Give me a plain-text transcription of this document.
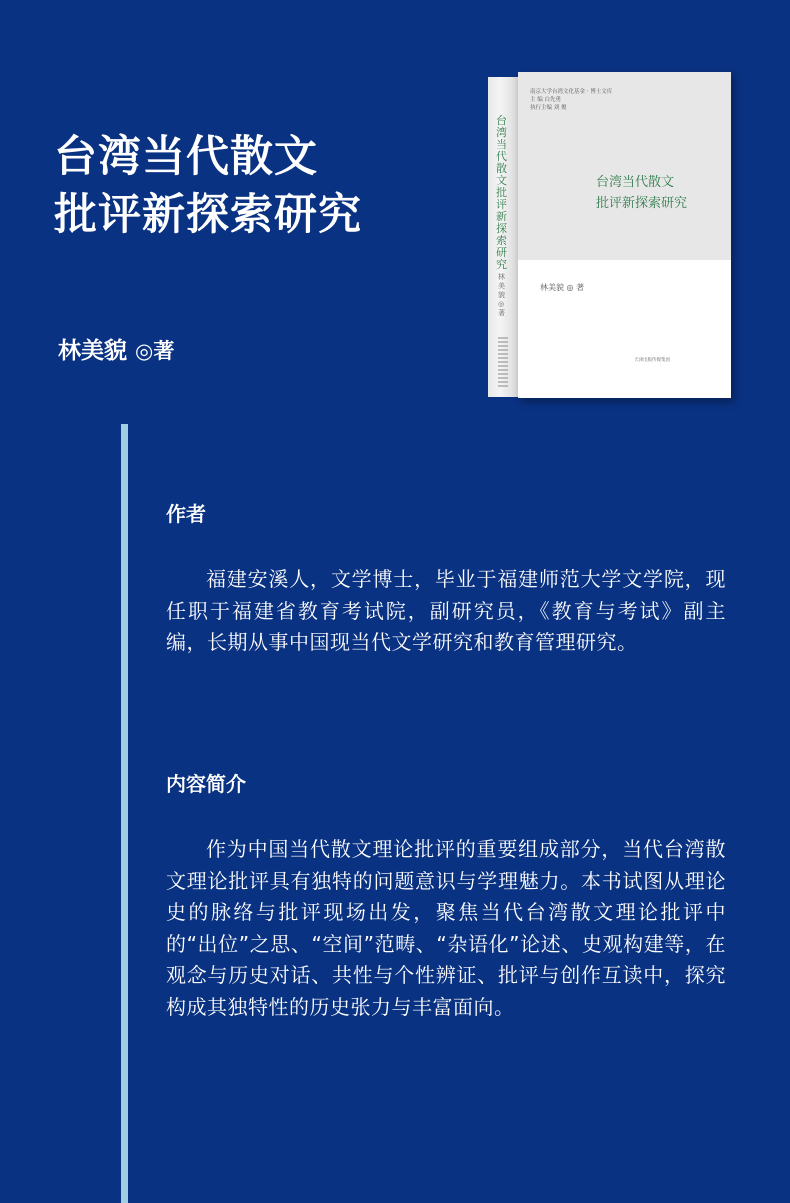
台湾当代散文
批评新探索研究
林美貌 ◎著
台湾当代散文批评新探索研究
林美貌◎著
南京大学台湾文化基金 · 博士文库
主 编 白先勇
执行主编 刘 俊
台湾当代散文
批评新探索研究
林美貌 ◎ 著
天津出版传媒集团

作者

福建安溪人，文学博士，毕业于福建师范大学文学院，现任职于福建省教育考试院，副研究员，《教育与考试》副主编，长期从事中国现当代文学研究和教育管理研究。

内容简介

作为中国当代散文理论批评的重要组成部分，当代台湾散文理论批评具有独特的问题意识与学理魅力。本书试图从理论史的脉络与批评现场出发，聚焦当代台湾散文理论批评中的“出位”之思、“空间”范畴、“杂语化”论述、史观构建等，在观念与历史对话、共性与个性辨证、批评与创作互读中，探究构成其独特性的历史张力与丰富面向。
